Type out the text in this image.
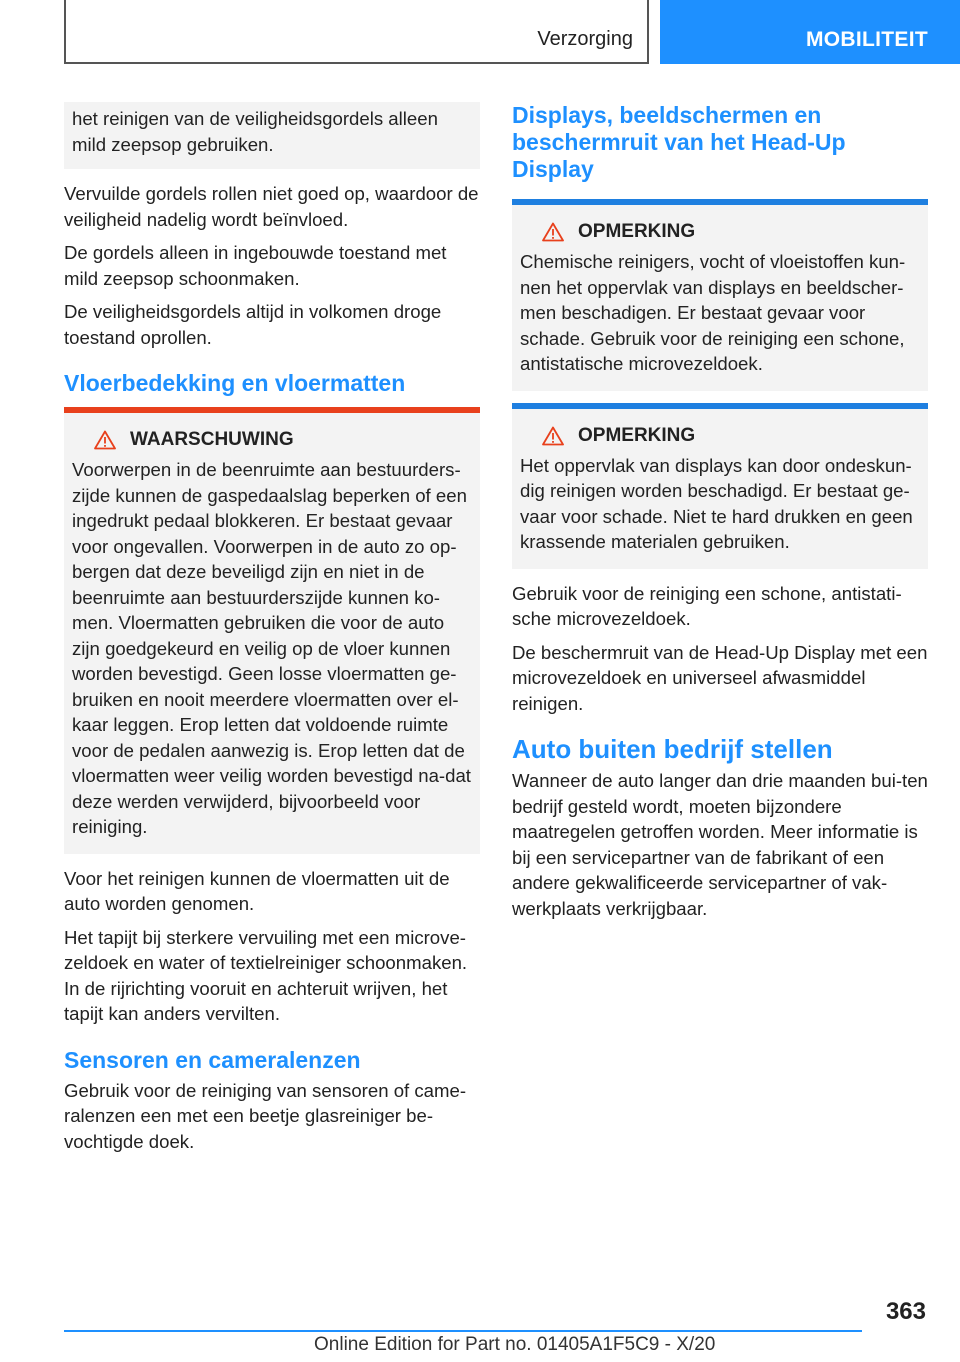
Verzorging	MOBILITEIT

het reinigen van de veiligheidsgordels alleen mild zeepsop gebruiken.

Vervuilde gordels rollen niet goed op, waardoor de veiligheid nadelig wordt beïnvloed.

De gordels alleen in ingebouwde toestand met mild zeepsop schoonmaken.

De veiligheidsgordels altijd in volkomen droge toestand oprollen.

Vloerbedekking en vloermatten
WAARSCHUWING

Voorwerpen in de beenruimte aan bestuurders-zijde kunnen de gaspedaalslag beperken of een ingedrukt pedaal blokkeren. Er bestaat gevaar voor ongevallen. Voorwerpen in de auto zo op-bergen dat deze beveiligd zijn en niet in de beenruimte aan bestuurderszijde kunnen ko-men. Vloermatten gebruiken die voor de auto zijn goedgekeurd en veilig op de vloer kunnen worden bevestigd. Geen losse vloermatten ge-bruiken en nooit meerdere vloermatten over el-kaar leggen. Erop letten dat voldoende ruimte voor de pedalen aanwezig is. Erop letten dat de vloermatten weer veilig worden bevestigd na-dat deze werden verwijderd, bijvoorbeeld voor reiniging.

Voor het reinigen kunnen de vloermatten uit de auto worden genomen.

Het tapijt bij sterkere vervuiling met een microve-zeldoek en water of textielreiniger schoonmaken. In de rijrichting vooruit en achteruit wrijven, het tapijt kan anders vervilten.

Sensoren en cameralenzen

Gebruik voor de reiniging van sensoren of came-ralenzen een met een beetje glasreiniger be-vochtigde doek.

Displays, beeldschermen en beschermruit van het Head-Up Display
OPMERKING

Chemische reinigers, vocht of vloeistoffen kun-nen het oppervlak van displays en beeldscher-men beschadigen. Er bestaat gevaar voor schade. Gebruik voor de reiniging een schone, antistatische microvezeldoek.

OPMERKING

Het oppervlak van displays kan door ondeskun-dig reinigen worden beschadigd. Er bestaat ge-vaar voor schade. Niet te hard drukken en geen krassende materialen gebruiken.

Gebruik voor de reiniging een schone, antistati-sche microvezeldoek.

De beschermruit van de Head-Up Display met een microvezeldoek en universeel afwasmiddel reinigen.

Auto buiten bedrijf stellen

Wanneer de auto langer dan drie maanden bui-ten bedrijf gesteld wordt, moeten bijzondere maatregelen getroffen worden. Meer informatie is bij een servicepartner van de fabrikant of een andere gekwalificeerde servicepartner of vak-werkplaats verkrijgbaar.

363
Online Edition for Part no. 01405A1F5C9 - X/20
